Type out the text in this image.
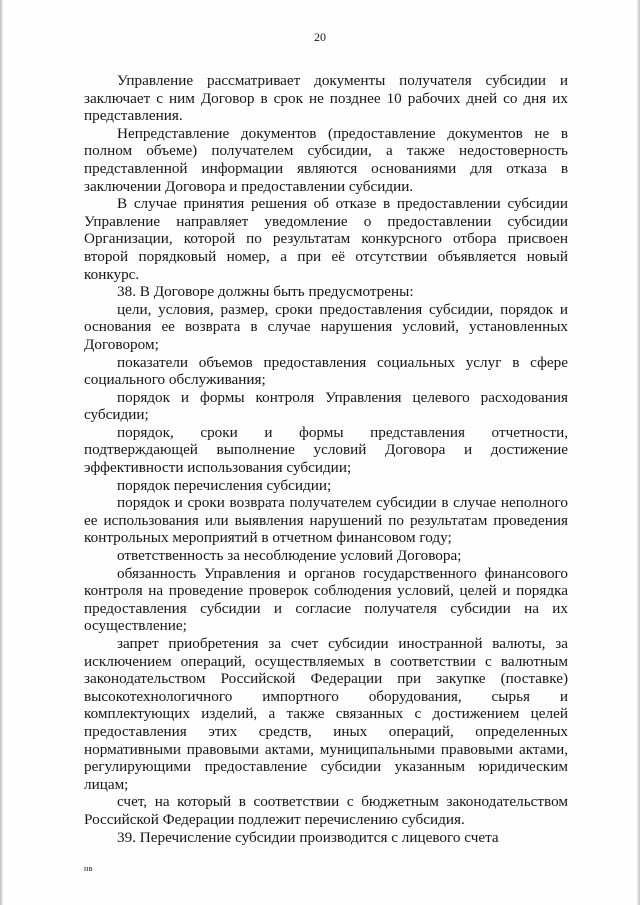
20

Управление рассматривает документы получателя субсидии и заключает с ним Договор в срок не позднее 10 рабочих дней со дня их представления.

Непредставление документов (предоставление документов не в полном объеме) получателем субсидии, а также недостоверность представленной информации являются основаниями для отказа в заключении Договора и предоставлении субсидии.

В случае принятия решения об отказе в предоставлении субсидии Управление направляет уведомление о предоставлении субсидии Организации, которой по результатам конкурсного отбора присвоен второй порядковый номер, а при её отсутствии объявляется новый конкурс.

38. В Договоре должны быть предусмотрены:

цели, условия, размер, сроки предоставления субсидии, порядок и основания ее возврата в случае нарушения условий, установленных Договором;

показатели объемов предоставления социальных услуг в сфере социального обслуживания;

порядок и формы контроля Управления целевого расходования субсидии;

порядок, сроки и формы представления отчетности, подтверждающей выполнение условий Договора и достижение эффективности использования субсидии;

порядок перечисления субсидии;

порядок и сроки возврата получателем субсидии в случае неполного ее использования или выявления нарушений по результатам проведения контрольных мероприятий в отчетном финансовом году;

ответственность за несоблюдение условий Договора;

обязанность Управления и органов государственного финансового контроля на проведение проверок соблюдения условий, целей и порядка предоставления субсидии и согласие получателя субсидии на их осуществление;

запрет приобретения за счет субсидии иностранной валюты, за исключением операций, осуществляемых в соответствии с валютным законодательством Российской Федерации при закупке (поставке) высокотехнологичного импортного оборудования, сырья и комплектующих изделий, а также связанных с достижением целей предоставления этих средств, иных операций, определенных нормативными правовыми актами, муниципальными правовыми актами, регулирующими предоставление субсидии указанным юридическим лицам;

счет, на который в соответствии с бюджетным законодательством Российской Федерации подлежит перечислению субсидия.

39. Перечисление субсидии производится с лицевого счета

нв
